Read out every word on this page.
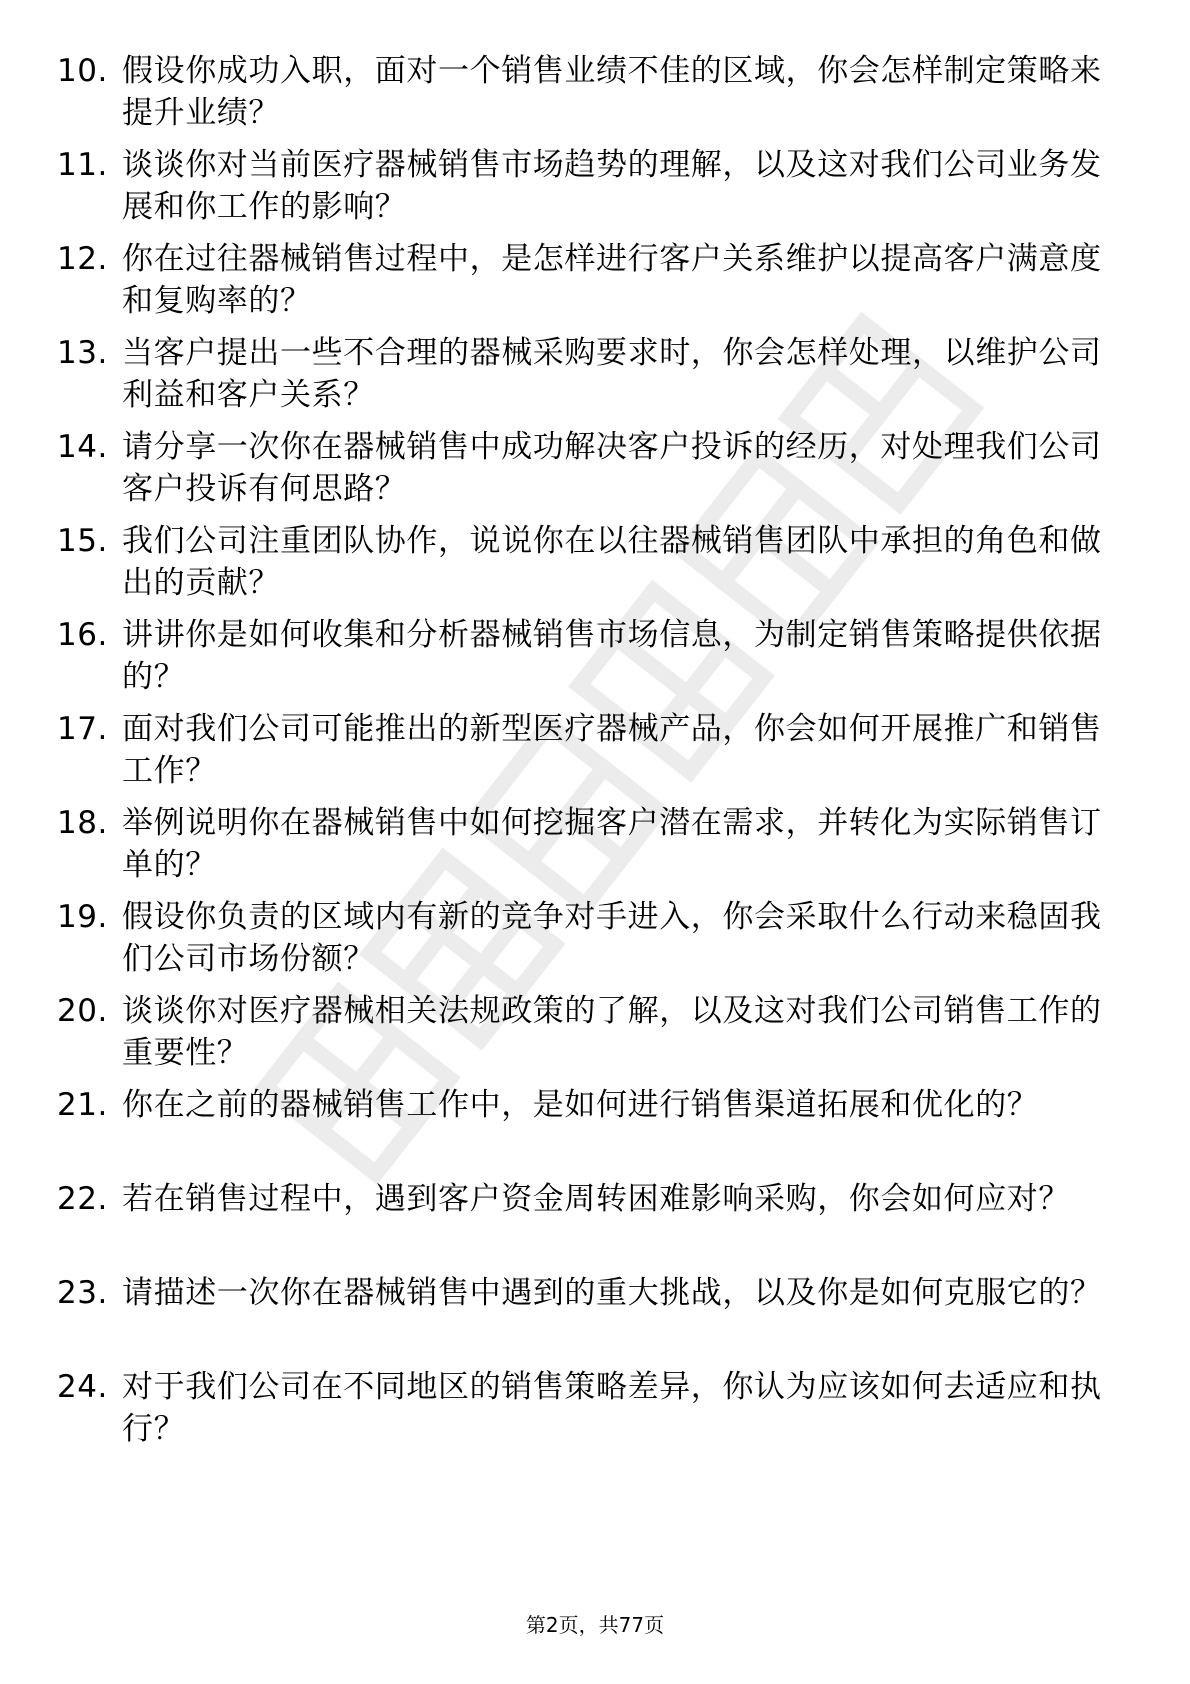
10. 假设你成功入职，面对一个销售业绩不佳的区域，你会怎样制定策略来提升业绩？
11. 谈谈你对当前医疗器械销售市场趋势的理解，以及这对我们公司业务发展和你工作的影响？
12. 你在过往器械销售过程中，是怎样进行客户关系维护以提高客户满意度和复购率的？
13. 当客户提出一些不合理的器械采购要求时，你会怎样处理，以维护公司利益和客户关系？
14. 请分享一次你在器械销售中成功解决客户投诉的经历，对处理我们公司客户投诉有何思路？
15. 我们公司注重团队协作，说说你在以往器械销售团队中承担的角色和做出的贡献？
16. 讲讲你是如何收集和分析器械销售市场信息，为制定销售策略提供依据的？
17. 面对我们公司可能推出的新型医疗器械产品，你会如何开展推广和销售工作？
18. 举例说明你在器械销售中如何挖掘客户潜在需求，并转化为实际销售订单的？
19. 假设你负责的区域内有新的竞争对手进入，你会采取什么行动来稳固我们公司市场份额？
20. 谈谈你对医疗器械相关法规政策的了解，以及这对我们公司销售工作的重要性？
21. 你在之前的器械销售工作中，是如何进行销售渠道拓展和优化的？
22. 若在销售过程中，遇到客户资金周转困难影响采购，你会如何应对？
23. 请描述一次你在器械销售中遇到的重大挑战，以及你是如何克服它的？
24. 对于我们公司在不同地区的销售策略差异，你认为应该如何去适应和执行？
第2页，共77页
